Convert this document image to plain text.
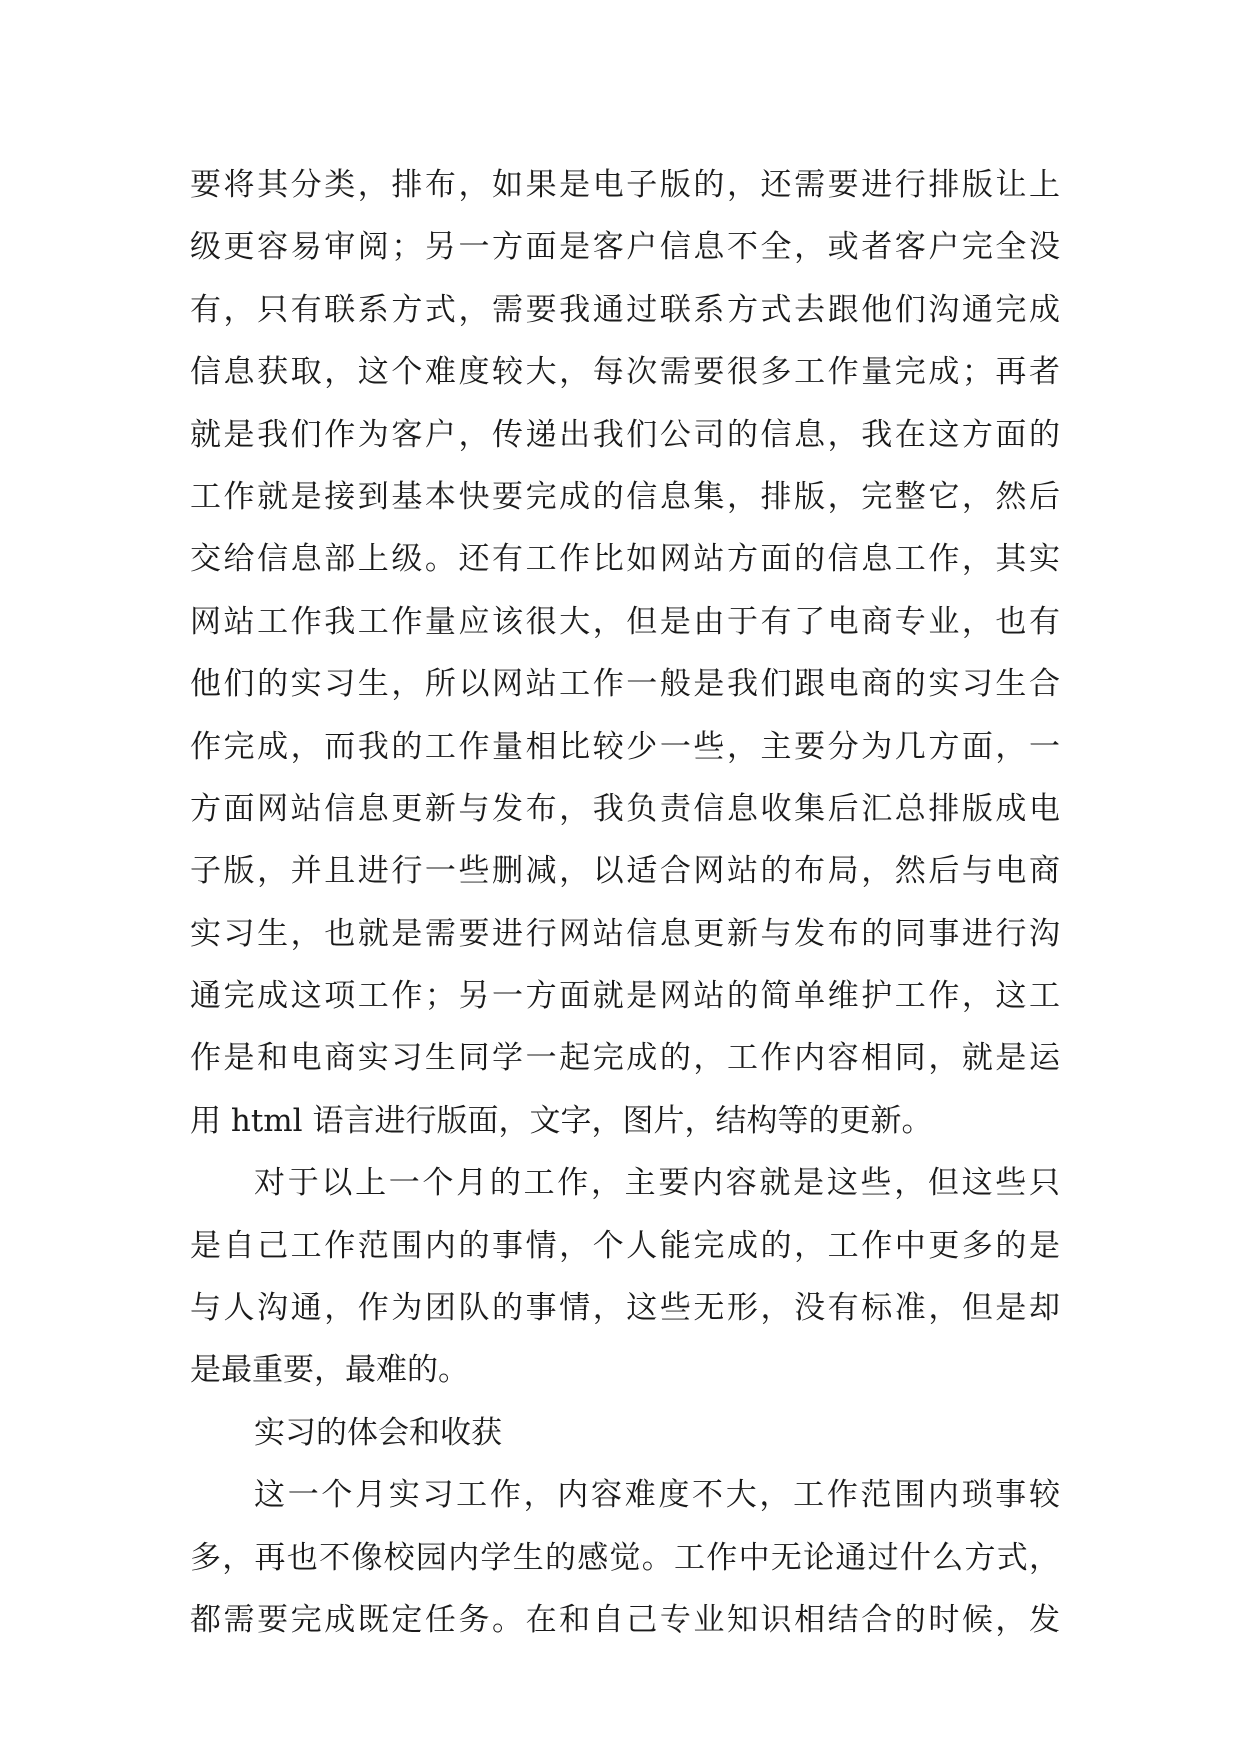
要将其分类，排布，如果是电子版的，还需要进行排版让上
级更容易审阅；另一方面是客户信息不全，或者客户完全没
有，只有联系方式，需要我通过联系方式去跟他们沟通完成
信息获取，这个难度较大，每次需要很多工作量完成；再者
就是我们作为客户，传递出我们公司的信息，我在这方面的
工作就是接到基本快要完成的信息集，排版，完整它，然后
交给信息部上级。还有工作比如网站方面的信息工作，其实
网站工作我工作量应该很大，但是由于有了电商专业，也有
他们的实习生，所以网站工作一般是我们跟电商的实习生合
作完成，而我的工作量相比较少一些，主要分为几方面，一
方面网站信息更新与发布，我负责信息收集后汇总排版成电
子版，并且进行一些删减，以适合网站的布局，然后与电商
实习生，也就是需要进行网站信息更新与发布的同事进行沟
通完成这项工作；另一方面就是网站的简单维护工作，这工
作是和电商实习生同学一起完成的，工作内容相同，就是运
用 html 语言进行版面，文字，图片，结构等的更新。
对于以上一个月的工作，主要内容就是这些，但这些只
是自己工作范围内的事情，个人能完成的，工作中更多的是
与人沟通，作为团队的事情，这些无形，没有标准，但是却
是最重要，最难的。
实习的体会和收获
这一个月实习工作，内容难度不大，工作范围内琐事较
多，再也不像校园内学生的感觉。工作中无论通过什么方式，
都需要完成既定任务。在和自己专业知识相结合的时候，发
